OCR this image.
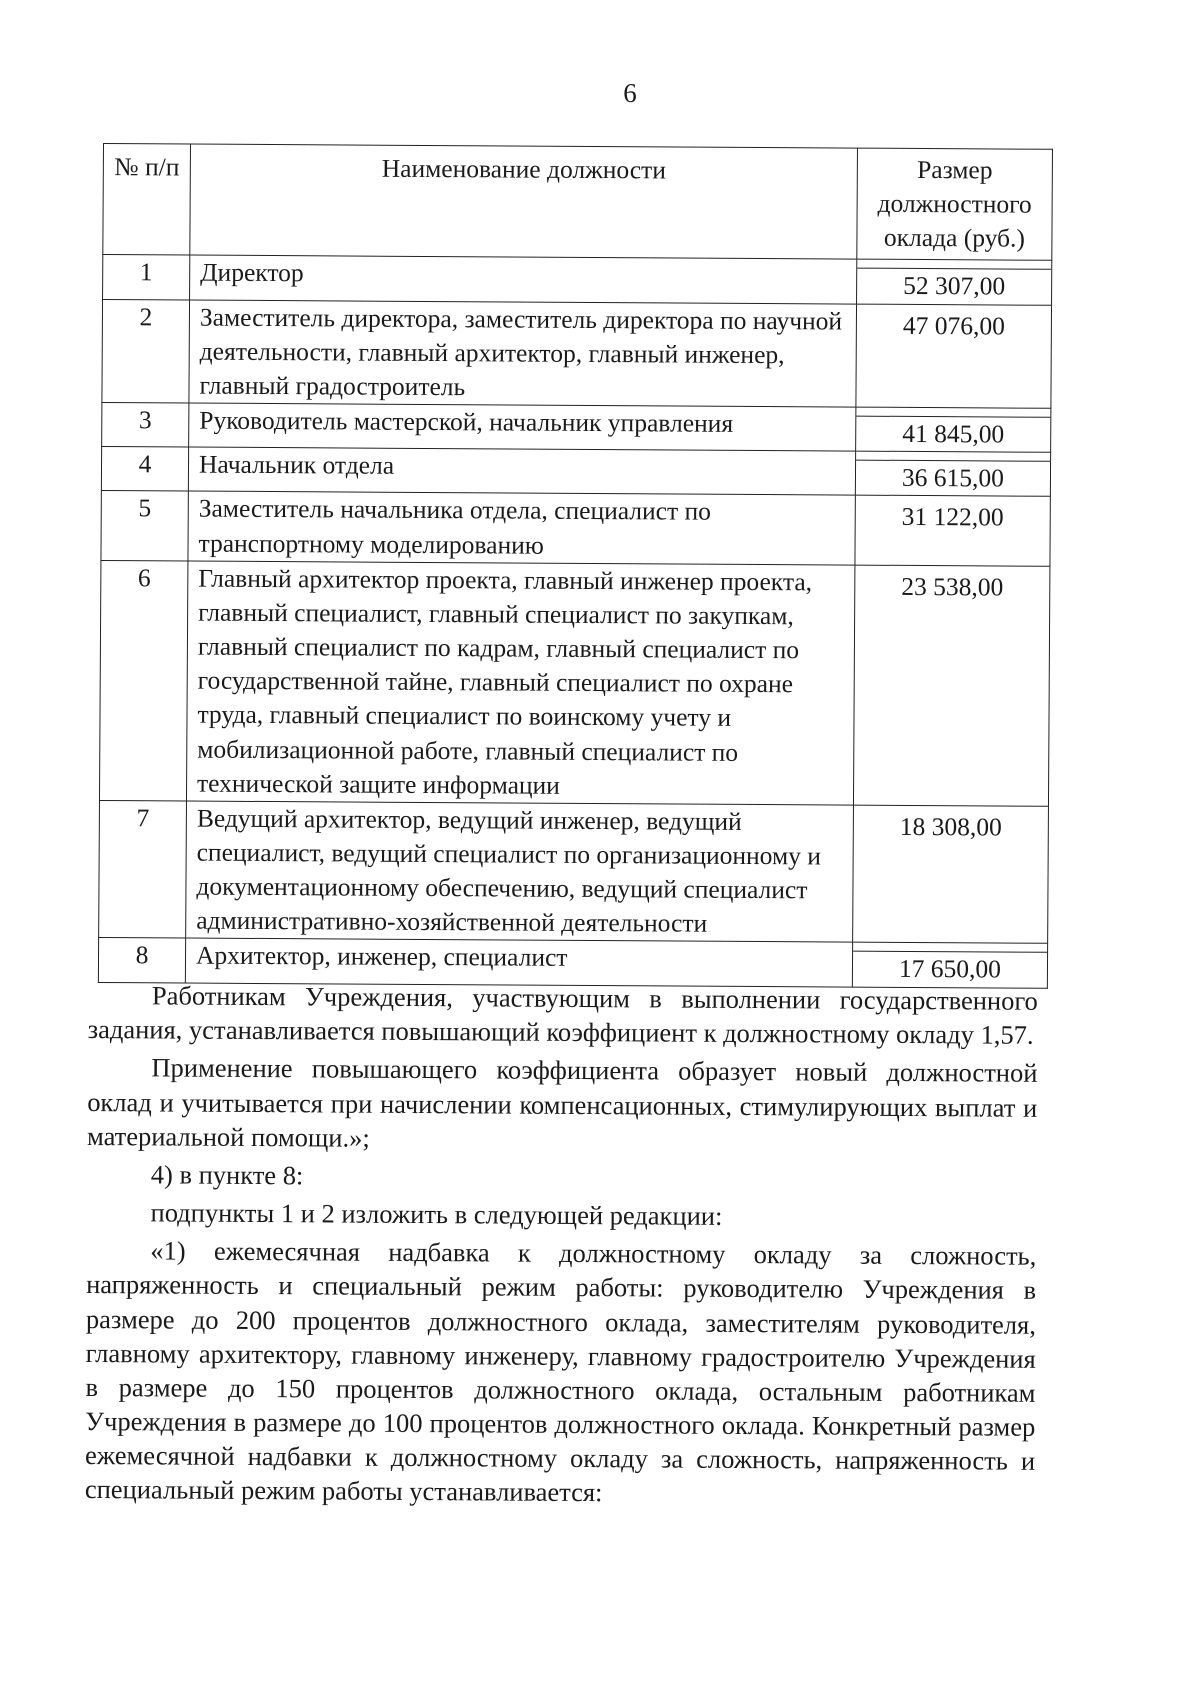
6
№ п/п	Наименование должности	Размер должностного оклада (руб.)
1	Директор	52 307,00

2	Заместитель директора, заместитель директора по научной деятельности, главный архитектор, главный инженер, главный градостроитель	47 076,00
3	Руководитель мастерской, начальник управления	41 845,00

4	Начальник отдела	36 615,00

5	Заместитель начальника отдела, специалист по транспортному моделированию	31 122,00
6	Главный архитектор проекта, главный инженер проекта, главный специалист, главный специалист по закупкам, главный специалист по кадрам, главный специалист по государственной тайне, главный специалист по охране труда, главный специалист по воинскому учету и мобилизационной работе, главный специалист по технической защите информации	23 538,00
7	Ведущий архитектор, ведущий инженер, ведущий специалист, ведущий специалист по организационному и документационному обеспечению, ведущий специалист административно-хозяйственной деятельности	18 308,00
8	Архитектор, инженер, специалист	17 650,00

Работникам Учреждения, участвующим в выполнении государственного задания, устанавливается повышающий коэффициент к должностному окладу 1,57.

Применение повышающего коэффициента образует новый должностной оклад и учитывается при начислении компенсационных, стимулирующих выплат и материальной помощи.»;

4) в пункте 8:

подпункты 1 и 2 изложить в следующей редакции:

«1) ежемесячная надбавка к должностному окладу за сложность, напряженность и специальный режим работы: руководителю Учреждения в размере до 200 процентов должностного оклада, заместителям руководителя, главному архитектору, главному инженеру, главному градостроителю Учреждения в размере до 150 процентов должностного оклада, остальным работникам Учреждения в размере до 100 процентов должностного оклада. Конкретный размер ежемесячной надбавки к должностному окладу за сложность, напряженность и специальный режим работы устанавливается:
